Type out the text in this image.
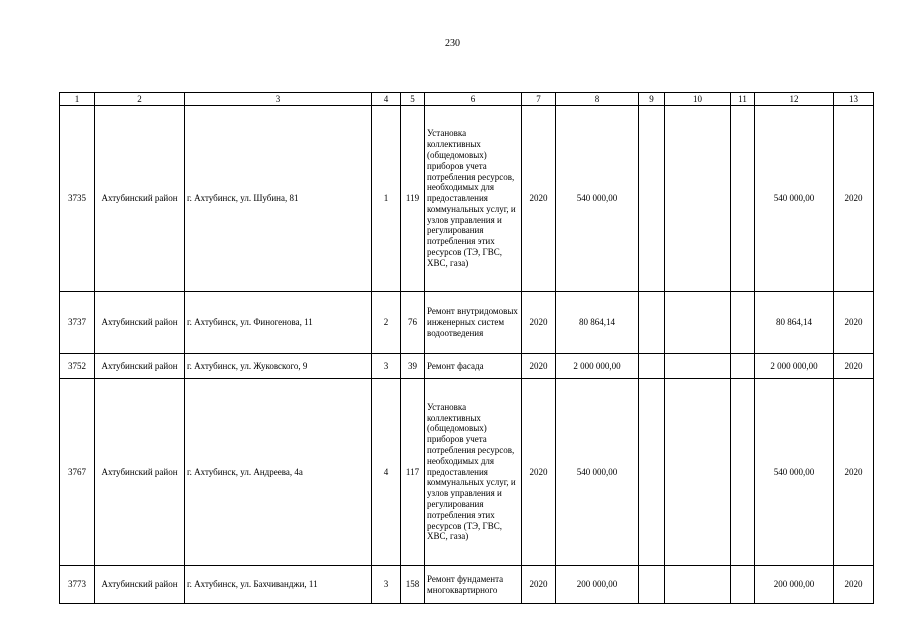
230
1	2	3	4	5	6	7	8	9	10	11	12	13
3735	Ахтубинский район	г. Ахтубинск, ул. Шубина, 81	1	119	Установка коллективных (общедомовых) приборов учета потребления ресурсов, необходимых для предоставления коммунальных услуг, и узлов управления и регулирования потребления этих ресурсов (ТЭ, ГВС, ХВС, газа)	2020	540 000,00				540 000,00	2020
3737	Ахтубинский район	г. Ахтубинск, ул. Финогенова, 11	2	76	Ремонт внутридомовых инженерных систем водоотведения	2020	80 864,14				80 864,14	2020
3752	Ахтубинский район	г. Ахтубинск, ул. Жуковского, 9	3	39	Ремонт фасада	2020	2 000 000,00				2 000 000,00	2020
3767	Ахтубинский район	г. Ахтубинск, ул. Андреева, 4а	4	117	Установка коллективных (общедомовых) приборов учета потребления ресурсов, необходимых для предоставления коммунальных услуг, и узлов управления и регулирования потребления этих ресурсов (ТЭ, ГВС, ХВС, газа)	2020	540 000,00				540 000,00	2020
3773	Ахтубинский район	г. Ахтубинск, ул. Бахчиванджи, 11	3	158	Ремонт фундамента многоквартирного	2020	200 000,00				200 000,00	2020
